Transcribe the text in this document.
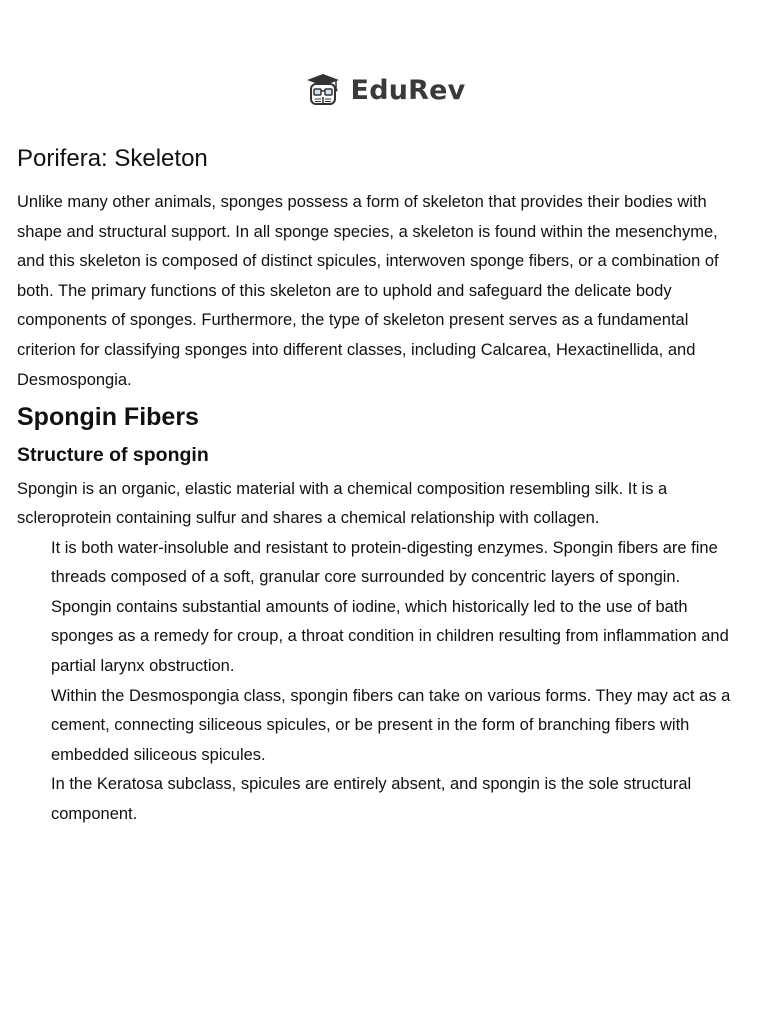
EduRev
Porifera: Skeleton

Unlike many other animals, sponges possess a form of skeleton that provides their bodies with shape and structural support. In all sponge species, a skeleton is found within the mesenchyme, and this skeleton is composed of distinct spicules, interwoven sponge fibers, or a combination of both. The primary functions of this skeleton are to uphold and safeguard the delicate body components of sponges. Furthermore, the type of skeleton present serves as a fundamental criterion for classifying sponges into different classes, including Calcarea, Hexactinellida, and Desmospongia.

Spongin Fibers
Structure of spongin

Spongin is an organic, elastic material with a chemical composition resembling silk. It is a scleroprotein containing sulfur and shares a chemical relationship with collagen.

It is both water-insoluble and resistant to protein-digesting enzymes. Spongin fibers are fine threads composed of a soft, granular core surrounded by concentric layers of spongin.
Spongin contains substantial amounts of iodine, which historically led to the use of bath sponges as a remedy for croup, a throat condition in children resulting from inflammation and partial larynx obstruction.
Within the Desmospongia class, spongin fibers can take on various forms. They may act as a cement, connecting siliceous spicules, or be present in the form of branching fibers with embedded siliceous spicules.
In the Keratosa subclass, spicules are entirely absent, and spongin is the sole structural component.
